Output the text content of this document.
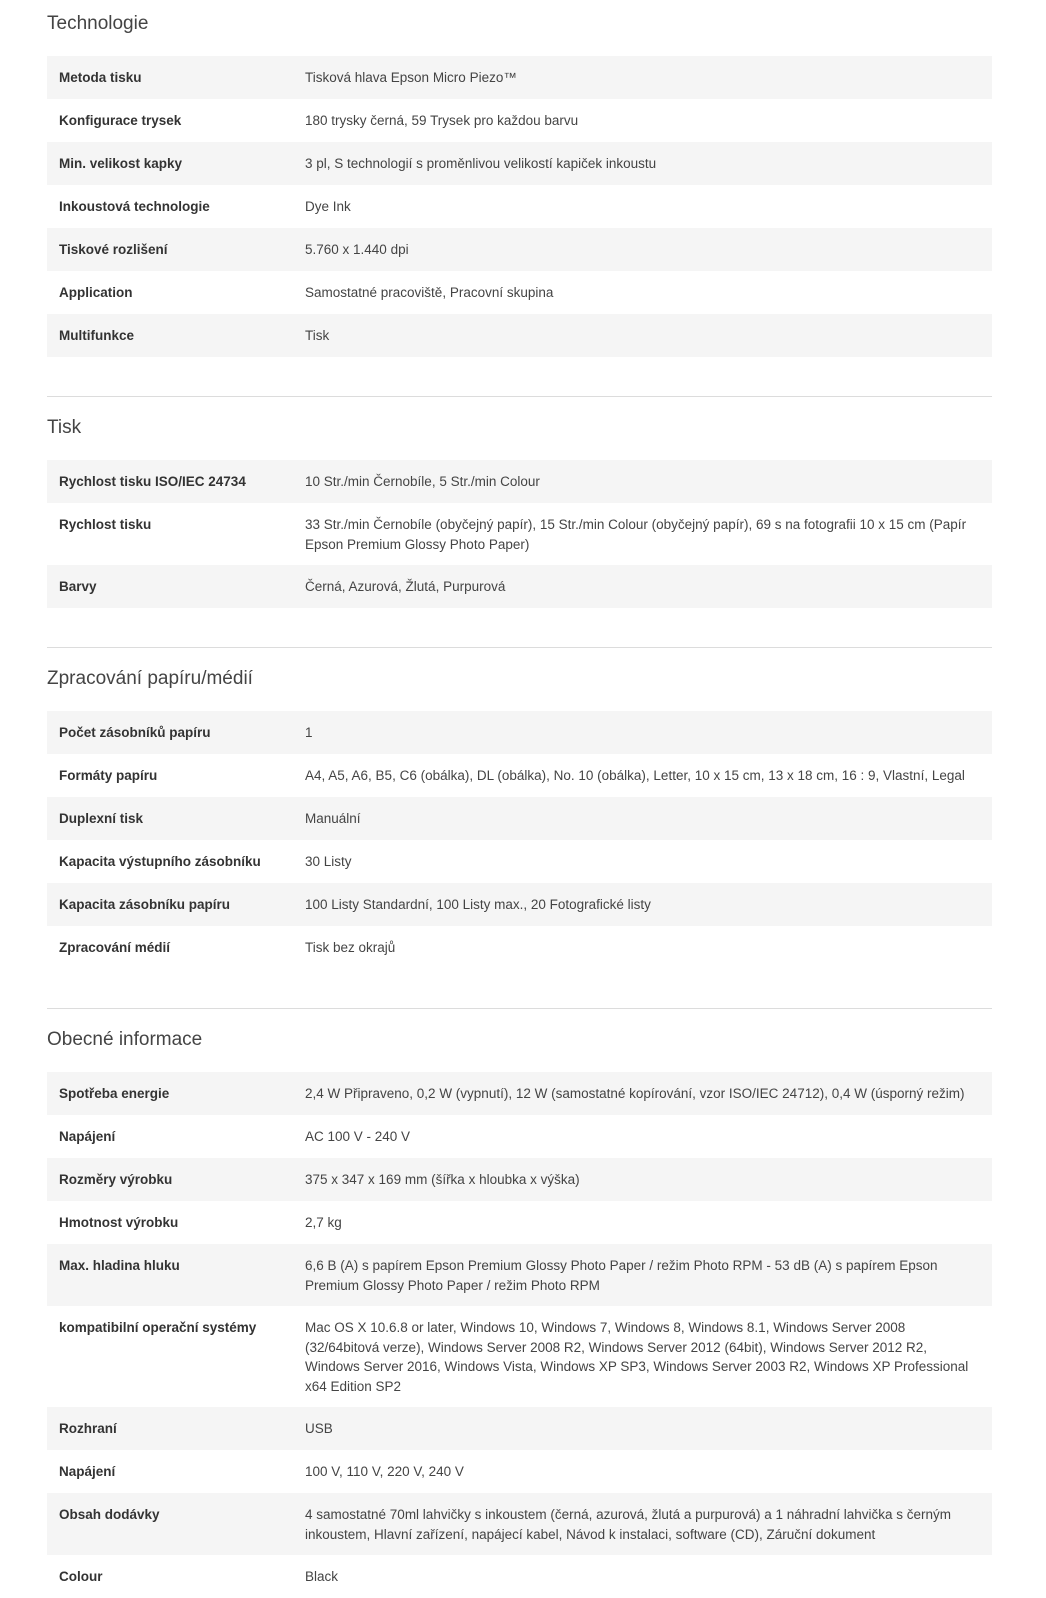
Technologie
Metoda tisku	Tisková hlava Epson Micro Piezo™
Konfigurace trysek	180 trysky černá, 59 Trysek pro každou barvu
Min. velikost kapky	3 pl, S technologií s proměnlivou velikostí kapiček inkoustu
Inkoustová technologie	Dye Ink
Tiskové rozlišení	5.760 x 1.440 dpi
Application	Samostatné pracoviště, Pracovní skupina
Multifunkce	Tisk
Tisk
Rychlost tisku ISO/IEC 24734	10 Str./min Černobíle, 5 Str./min Colour
Rychlost tisku	33 Str./min Černobíle (obyčejný papír), 15 Str./min Colour (obyčejný papír), 69 s na fotografii 10 x 15 cm (Papír Epson Premium Glossy Photo Paper)
Barvy	Černá, Azurová, Žlutá, Purpurová
Zpracování papíru/médií
Počet zásobníků papíru	1
Formáty papíru	A4, A5, A6, B5, C6 (obálka), DL (obálka), No. 10 (obálka), Letter, 10 x 15 cm, 13 x 18 cm, 16 : 9, Vlastní, Legal
Duplexní tisk	Manuální
Kapacita výstupního zásobníku	30 Listy
Kapacita zásobníku papíru	100 Listy Standardní, 100 Listy max., 20 Fotografické listy
Zpracování médií	Tisk bez okrajů
Obecné informace
Spotřeba energie	2,4 W Připraveno, 0,2 W (vypnutí), 12 W (samostatné kopírování, vzor ISO/IEC 24712), 0,4 W (úsporný režim)
Napájení	AC 100 V - 240 V
Rozměry výrobku	375 x 347 x 169 mm (šířka x hloubka x výška)
Hmotnost výrobku	2,7 kg
Max. hladina hluku	6,6 B (A) s papírem Epson Premium Glossy Photo Paper / režim Photo RPM - 53 dB (A) s papírem Epson Premium Glossy Photo Paper / režim Photo RPM
kompatibilní operační systémy	Mac OS X 10.6.8 or later, Windows 10, Windows 7, Windows 8, Windows 8.1, Windows Server 2008 (32/64bitová verze), Windows Server 2008 R2, Windows Server 2012 (64bit), Windows Server 2012 R2, Windows Server 2016, Windows Vista, Windows XP SP3, Windows Server 2003 R2, Windows XP Professional x64 Edition SP2
Rozhraní	USB
Napájení	100 V, 110 V, 220 V, 240 V
Obsah dodávky	4 samostatné 70ml lahvičky s inkoustem (černá, azurová, žlutá a purpurová) a 1 náhradní lahvička s černým inkoustem, Hlavní zařízení, napájecí kabel, Návod k instalaci, software (CD), Záruční dokument
Colour	Black
